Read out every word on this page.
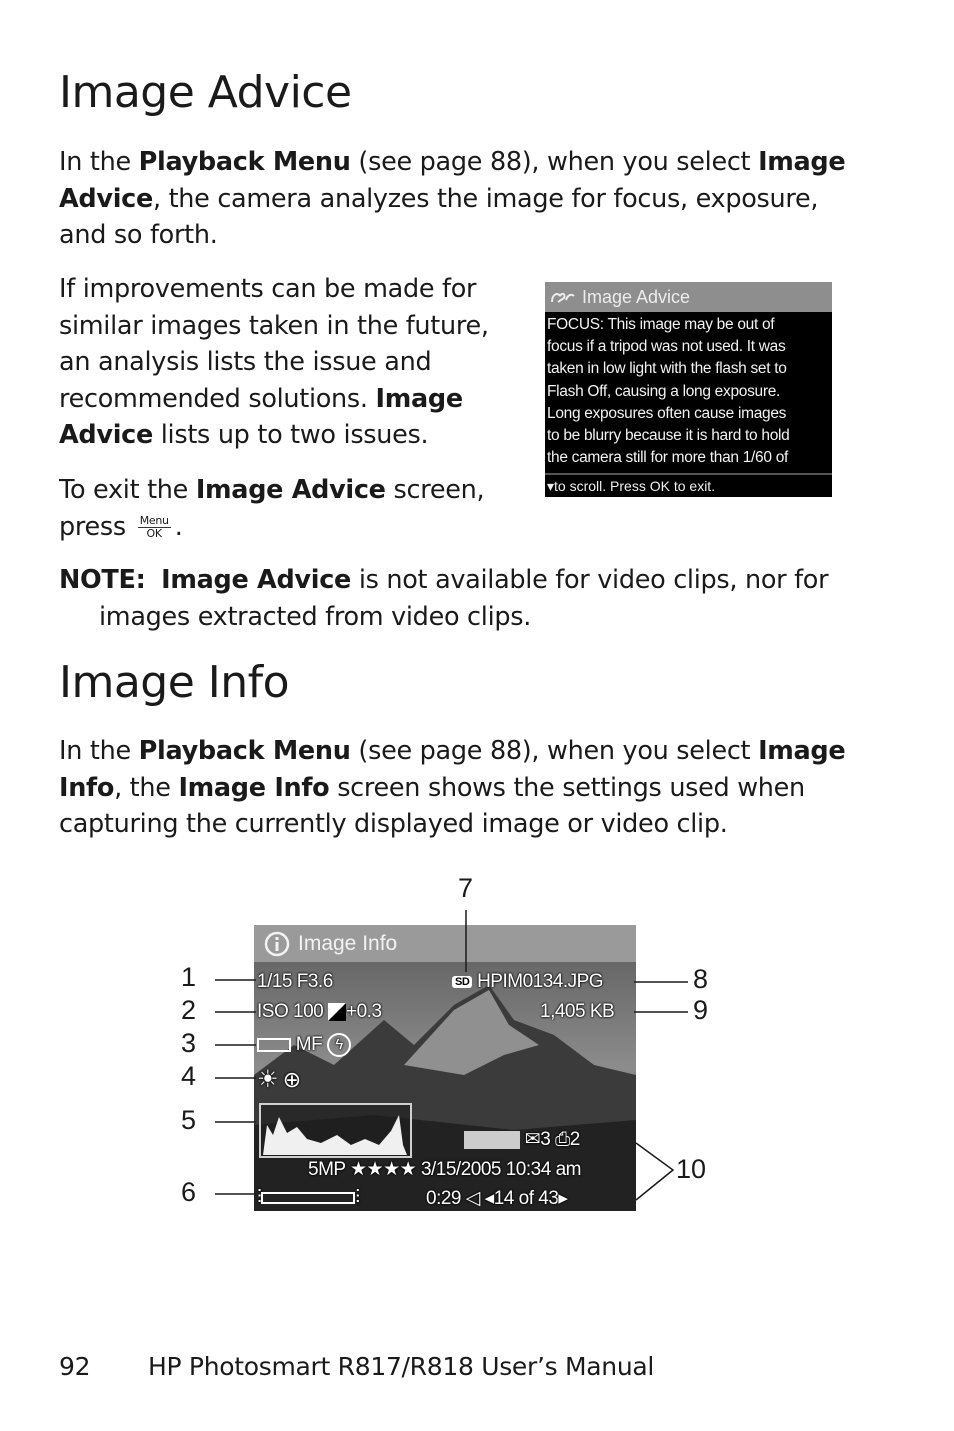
Image Advice

In the Playback Menu (see page 88), when you select Image Advice, the camera analyzes the image for focus, exposure, and so forth.

If improvements can be made for similar images taken in the future, an analysis lists the issue and recommended solutions. Image Advice lists up to two issues.

To exit the Image Advice screen, press Menu
OK .

Image Advice
FOCUS: This image may be out of
focus if a tripod was not used. It was
taken in low light with the flash set to
Flash Off, causing a long exposure.
Long exposures often cause images
to be blurry because it is hard to hold
the camera still for more than 1/60 of
▾to scroll. Press OK to exit.

NOTE: Image Advice is not available for video clips, nor for
images extracted from video clips.

Image Info

In the Playback Menu (see page 88), when you select Image Info, the Image Info screen shows the settings used when capturing the currently displayed image or video clip.

Image Info
1/15 F3.6	SD HPIM0134.JPG
ISO 100 +0.3	1,405 KB
MF ϟ
☀ ⊕
✉3 ⎙2
5MP ★★★★ 3/15/2005 10:34 am
⫶	⫶	0:29 ◁ ◂14 of 43▸
1
2
3
4
5
6
7
8
9
10
92 HP Photosmart R817/R818 User’s Manual
